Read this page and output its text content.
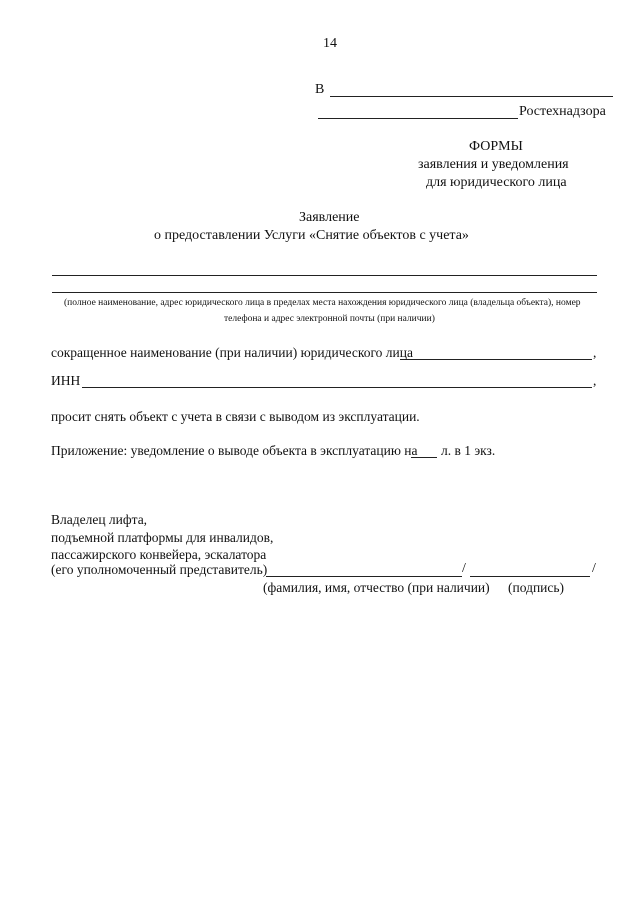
14
В
Ростехнадзора
ФОРМЫ
заявления и уведомления
для юридического лица
Заявление
о предоставлении Услуги «Снятие объектов с учета»
(полное наименование, адрес юридического лица в пределах места нахождения юридического лица (владельца объекта), номер
телефона и адрес электронной почты (при наличии)
сокращенное наименование (при наличии) юридического лица	,
ИНН	,
просит снять объект с учета в связи с выводом из эксплуатации.
Приложение: уведомление о выводе объекта в эксплуатацию на л. в 1 экз.
Владелец лифта,
подъемной платформы для инвалидов,
пассажирского конвейера, эскалатора
(его уполномоченный представитель)	/	/
(фамилия, имя, отчество (при наличии) (подпись)
